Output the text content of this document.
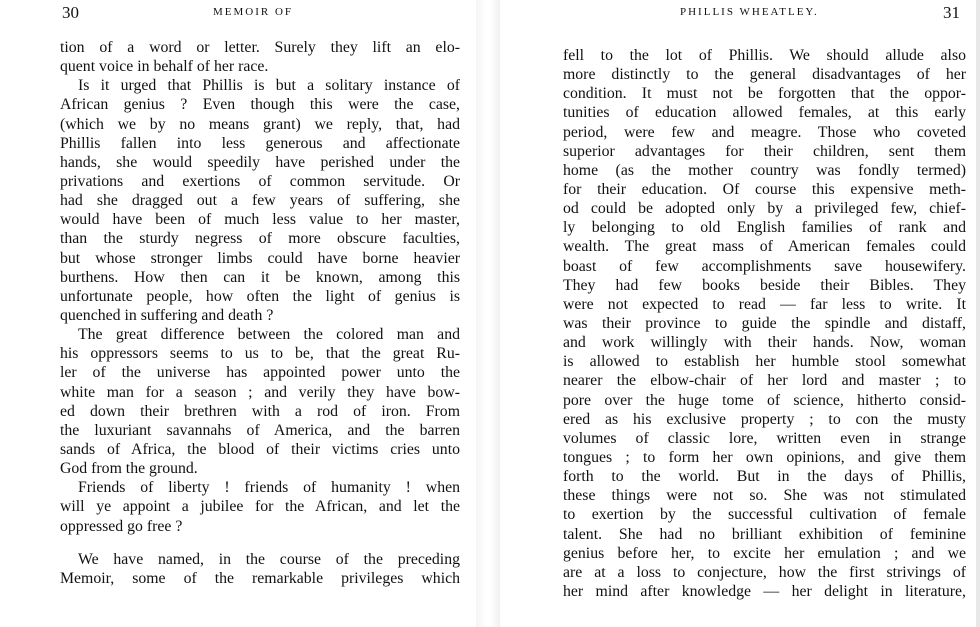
30	MEMOIR OF
tion of a word or letter. Surely they lift an elo-
quent voice in behalf of her race.
Is it urged that Phillis is but a solitary instance of
African genius ? Even though this were the case,
(which we by no means grant) we reply, that, had
Phillis fallen into less generous and affectionate
hands, she would speedily have perished under the
privations and exertions of common servitude. Or
had she dragged out a few years of suffering, she
would have been of much less value to her master,
than the sturdy negress of more obscure faculties,
but whose stronger limbs could have borne heavier
burthens. How then can it be known, among this
unfortunate people, how often the light of genius is
quenched in suffering and death ?
The great difference between the colored man and
his oppressors seems to us to be, that the great Ru-
ler of the universe has appointed power unto the
white man for a season ; and verily they have bow-
ed down their brethren with a rod of iron. From
the luxuriant savannahs of America, and the barren
sands of Africa, the blood of their victims cries unto
God from the ground.
Friends of liberty ! friends of humanity ! when
will ye appoint a jubilee for the African, and let the
oppressed go free ?
We have named, in the course of the preceding
Memoir, some of the remarkable privileges which
PHILLIS WHEATLEY.	31
fell to the lot of Phillis. We should allude also
more distinctly to the general disadvantages of her
condition. It must not be forgotten that the oppor-
tunities of education allowed females, at this early
period, were few and meagre. Those who coveted
superior advantages for their children, sent them
home (as the mother country was fondly termed)
for their education. Of course this expensive meth-
od could be adopted only by a privileged few, chief-
ly belonging to old English families of rank and
wealth. The great mass of American females could
boast of few accomplishments save housewifery.
They had few books beside their Bibles. They
were not expected to read — far less to write. It
was their province to guide the spindle and distaff,
and work willingly with their hands. Now, woman
is allowed to establish her humble stool somewhat
nearer the elbow-chair of her lord and master ; to
pore over the huge tome of science, hitherto consid-
ered as his exclusive property ; to con the musty
volumes of classic lore, written even in strange
tongues ; to form her own opinions, and give them
forth to the world. But in the days of Phillis,
these things were not so. She was not stimulated
to exertion by the successful cultivation of female
talent. She had no brilliant exhibition of feminine
genius before her, to excite her emulation ; and we
are at a loss to conjecture, how the first strivings of
her mind after knowledge — her delight in literature,
